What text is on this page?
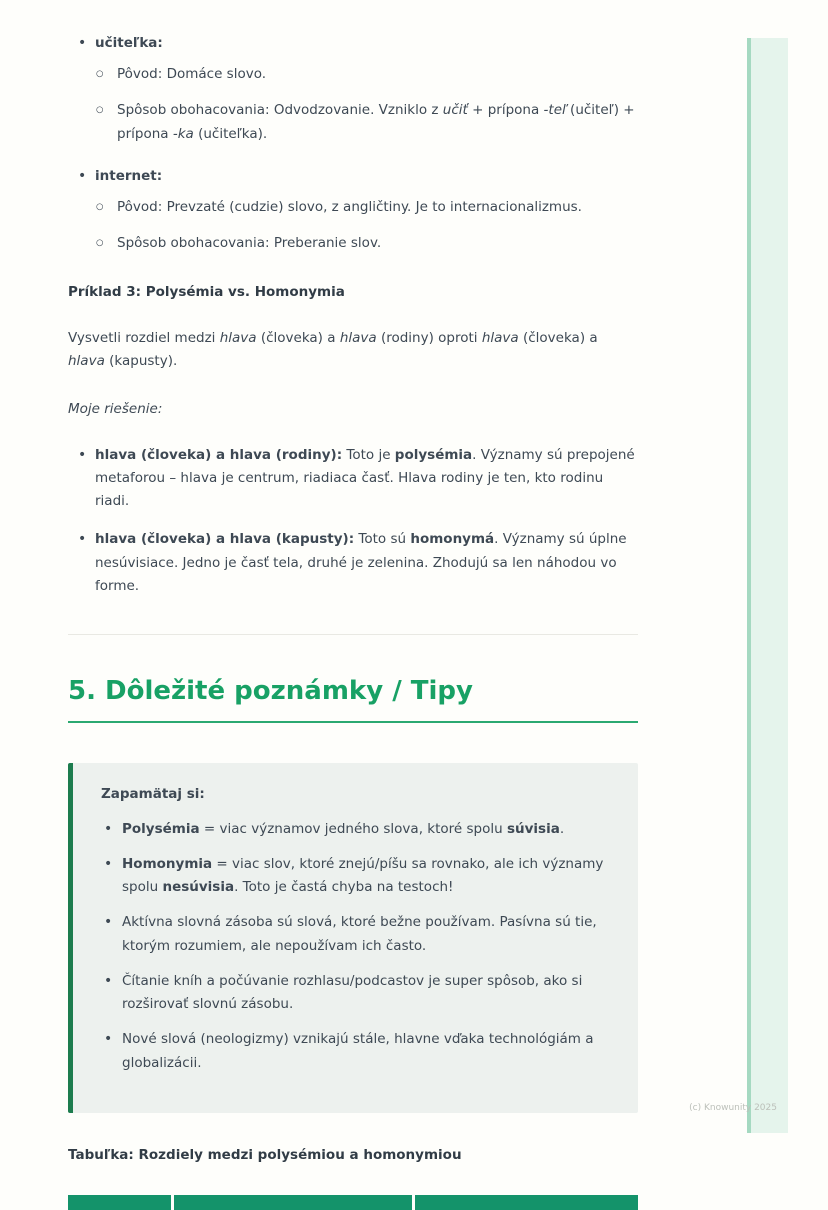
• učiteľka:
○ Pôvod: Domáce slovo.
○ Spôsob obohacovania: Odvodzovanie. Vzniklo z učiť + prípona -teľ (učiteľ) + prípona -ka (učiteľka).
• internet:
○ Pôvod: Prevzaté (cudzie) slovo, z angličtiny. Je to internacionalizmus.
○ Spôsob obohacovania: Preberanie slov.
Príklad 3: Polysémia vs. Homonymia

Vysvetli rozdiel medzi hlava (človeka) a hlava (rodiny) oproti hlava (človeka) a hlava (kapusty).

Moje riešenie:

• hlava (človeka) a hlava (rodiny): Toto je polysémia. Významy sú prepojené metaforou – hlava je centrum, riadiaca časť. Hlava rodiny je ten, kto rodinu riadi.
• hlava (človeka) a hlava (kapusty): Toto sú homonymá. Významy sú úplne nesúvisiace. Jedno je časť tela, druhé je zelenina. Zhodujú sa len náhodou vo forme.
5. Dôležité poznámky / Tipy

Zapamätaj si:

• Polysémia = viac významov jedného slova, ktoré spolu súvisia.
• Homonymia = viac slov, ktoré znejú/píšu sa rovnako, ale ich významy spolu nesúvisia. Toto je častá chyba na testoch!
• Aktívna slovná zásoba sú slová, ktoré bežne používam. Pasívna sú tie, ktorým rozumiem, ale nepoužívam ich často.
• Čítanie kníh a počúvanie rozhlasu/podcastov je super spôsob, ako si rozširovať slovnú zásobu.
• Nové slová (neologizmy) vznikajú stále, hlavne vďaka technológiám a globalizácii.
Tabuľka: Rozdiely medzi polysémiou a homonymiou
(c) Knowunity 2025
